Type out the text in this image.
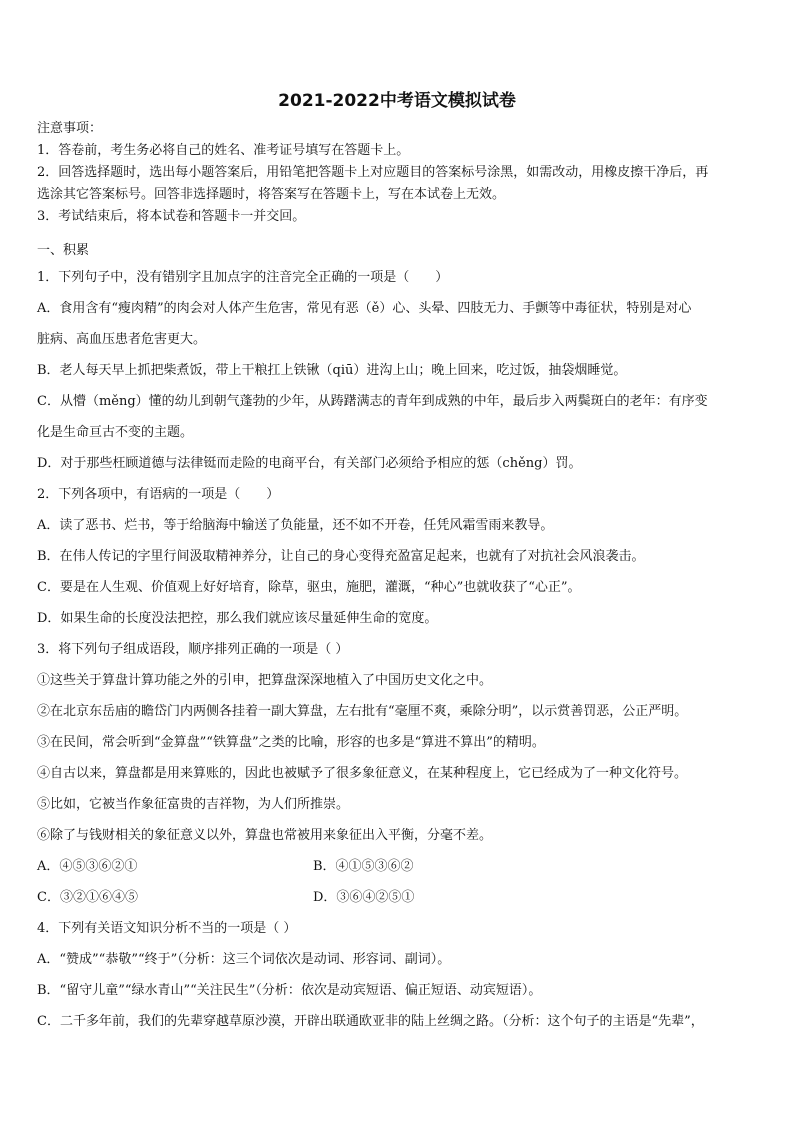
2021-2022中考语文模拟试卷
注意事项：
1．答卷前，考生务必将自己的姓名、准考证号填写在答题卡上。
2．回答选择题时，选出每小题答案后，用铅笔把答题卡上对应题目的答案标号涂黑，如需改动，用橡皮擦干净后，再
选涂其它答案标号。回答非选择题时，将答案写在答题卡上，写在本试卷上无效。
3．考试结束后，将本试卷和答题卡一并交回。
一、积累
1．下列句子中，没有错别字且加点字的注音完全正确的一项是（　　）
A．食用含有“瘦肉精”的肉会对人体产生危害，常见有恶（ě）心、头晕、四肢无力、手颤等中毒征状，特别是对心
脏病、高血压患者危害更大。
B．老人每天早上抓把柴煮饭，带上干粮扛上铁锹（qiū）进沟上山；晚上回来，吃过饭，抽袋烟睡觉。
C．从懵（měng）懂的幼儿到朝气蓬勃的少年，从踌躇满志的青年到成熟的中年，最后步入两鬓斑白的老年：有序变
化是生命亘古不变的主题。
D．对于那些枉顾道德与法律铤而走险的电商平台，有关部门必须给予相应的惩（chěng）罚。
2．下列各项中，有语病的一项是（　　）
A．读了恶书、烂书，等于给脑海中输送了负能量，还不如不开卷，任凭风霜雪雨来教导。
B．在伟人传记的字里行间汲取精神养分，让自己的身心变得充盈富足起来，也就有了对抗社会风浪袭击。
C．要是在人生观、价值观上好好培育，除草，驱虫，施肥，灌溉，“种心”也就收获了“心正”。
D．如果生命的长度没法把控，那么我们就应该尽量延伸生命的宽度。
3．将下列句子组成语段，顺序排列正确的一项是（ ）
①这些关于算盘计算功能之外的引申，把算盘深深地植入了中国历史文化之中。
②在北京东岳庙的瞻岱门内两侧各挂着一副大算盘，左右批有“毫厘不爽，乘除分明”，以示赏善罚恶，公正严明。
③在民间，常会听到“金算盘”“铁算盘”之类的比喻，形容的也多是“算进不算出”的精明。
④自古以来，算盘都是用来算账的，因此也被赋予了很多象征意义，在某种程度上，它已经成为了一种文化符号。
⑤比如，它被当作象征富贵的吉祥物，为人们所推崇。
⑥除了与钱财相关的象征意义以外，算盘也常被用来象征出入平衡，分毫不差。
A．④⑤③⑥②①	B．④①⑤③⑥②
C．③②①⑥④⑤	D．③⑥④②⑤①
4．下列有关语文知识分析不当的一项是（ ）
A．“赞成”“恭敬”“终于”（分析：这三个词依次是动词、形容词、副词）。
B．“留守儿童”“绿水青山”“关注民生”（分析：依次是动宾短语、偏正短语、动宾短语）。
C．二千多年前，我们的先辈穿越草原沙漠，开辟出联通欧亚非的陆上丝绸之路。（分析：这个句子的主语是“先辈”，
